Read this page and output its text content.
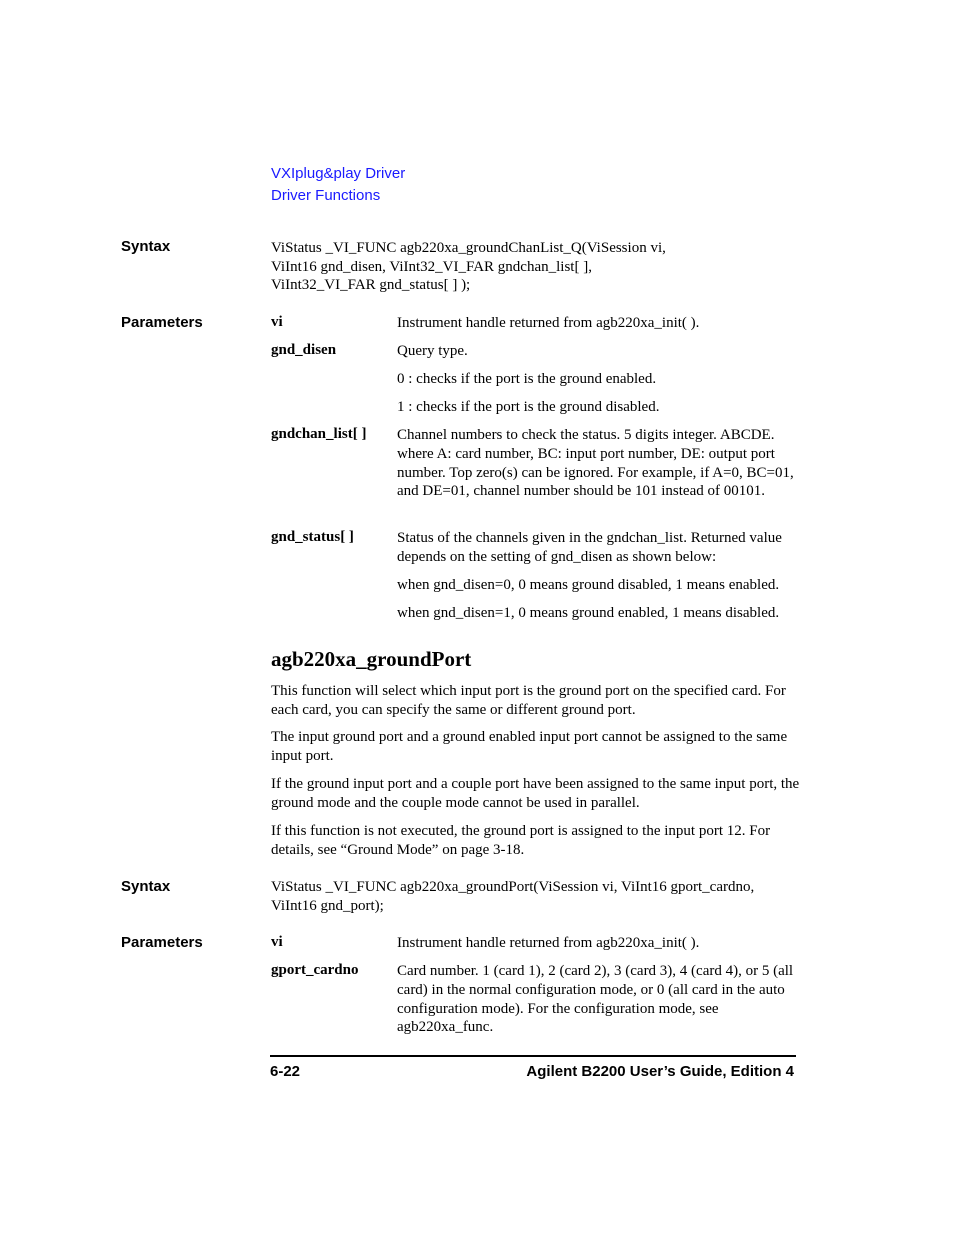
VXIplug&play Driver
Driver Functions
Syntax	ViStatus _VI_FUNC agb220xa_groundChanList_Q(ViSession vi,
ViInt16 gnd_disen, ViInt32_VI_FAR gndchan_list[ ],
ViInt32_VI_FAR gnd_status[ ] );
Parameters	vi	Instrument handle returned from agb220xa_init( ).
gnd_disen	Query type.
0 : checks if the port is the ground enabled.
1 : checks if the port is the ground disabled.
gndchan_list[ ] Channel numbers to check the status. 5 digits integer. ABCDE. where A: card number, BC: input port number, DE: output port number. Top zero(s) can be ignored. For example, if A=0, BC=01, and DE=01, channel number should be 101 instead of 00101.
gnd_status[ ]	Status of the channels given in the gndchan_list. Returned value depends on the setting of gnd_disen as shown below:
when gnd_disen=0, 0 means ground disabled, 1 means enabled.
when gnd_disen=1, 0 means ground enabled, 1 means disabled.
agb220xa_groundPort
This function will select which input port is the ground port on the specified card. For each card, you can specify the same or different ground port.
The input ground port and a ground enabled input port cannot be assigned to the same input port.
If the ground input port and a couple port have been assigned to the same input port, the ground mode and the couple mode cannot be used in parallel.
If this function is not executed, the ground port is assigned to the input port 12. For details, see “Ground Mode” on page 3-18.
Syntax	ViStatus _VI_FUNC agb220xa_groundPort(ViSession vi, ViInt16 gport_cardno,
ViInt16 gnd_port);
Parameters	vi	Instrument handle returned from agb220xa_init( ).
gport_cardno	Card number. 1 (card 1), 2 (card 2), 3 (card 3), 4 (card 4), or 5 (all card) in the normal configuration mode, or 0 (all card in the auto configuration mode). For the configuration mode, see agb220xa_func.
6-22	Agilent B2200 User’s Guide, Edition 4
